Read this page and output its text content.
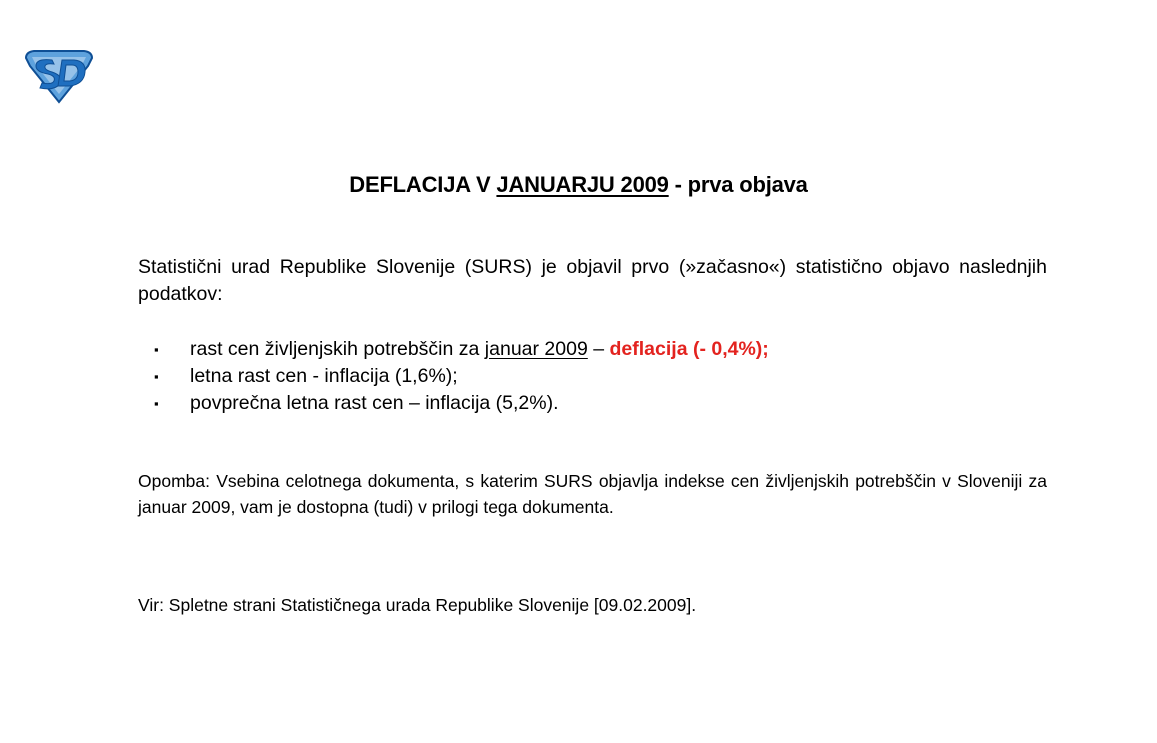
DEFLACIJA V JANUARJU 2009 - prva objava
Statistični urad Republike Slovenije (SURS) je objavil prvo (»začasno«) statistično objavo naslednjih podatkov:
▪	rast cen življenjskih potrebščin za januar 2009 – deflacija (- 0,4%);
▪	letna rast cen - inflacija (1,6%);
▪	povprečna letna rast cen – inflacija (5,2%).
Opomba: Vsebina celotnega dokumenta, s katerim SURS objavlja indekse cen življenjskih potrebščin v Sloveniji za januar 2009, vam je dostopna (tudi) v prilogi tega dokumenta.
Vir: Spletne strani Statističnega urada Republike Slovenije [09.02.2009].
